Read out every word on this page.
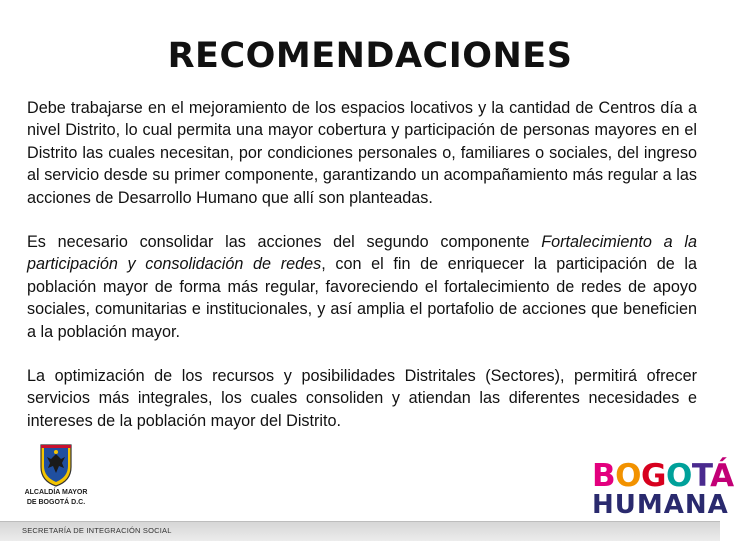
RECOMENDACIONES

Debe trabajarse en el mejoramiento de los espacios locativos y la cantidad de Centros día a nivel Distrito, lo cual permita una mayor cobertura y participación de personas mayores en el Distrito las cuales necesitan, por condiciones personales o, familiares o sociales, del ingreso al servicio desde su primer componente, garantizando un acompañamiento más regular a las acciones de Desarrollo Humano que allí son planteadas.

Es necesario consolidar las acciones del segundo componente Fortalecimiento a la participación y consolidación de redes, con el fin de enriquecer la participación de la población mayor de forma más regular, favoreciendo el fortalecimiento de redes de apoyo sociales, comunitarias e institucionales, y así amplia el portafolio de acciones que beneficien a la población mayor.

La optimización de los recursos y posibilidades Distritales (Sectores), permitirá ofrecer servicios más integrales, los cuales consoliden y atiendan las diferentes necesidades e intereses de la población mayor del Distrito.

ALCALDÍA MAYOR
DE BOGOTÁ D.C.
BOGOTÁ
HUMANA
SECRETARÍA DE INTEGRACIÓN SOCIAL
